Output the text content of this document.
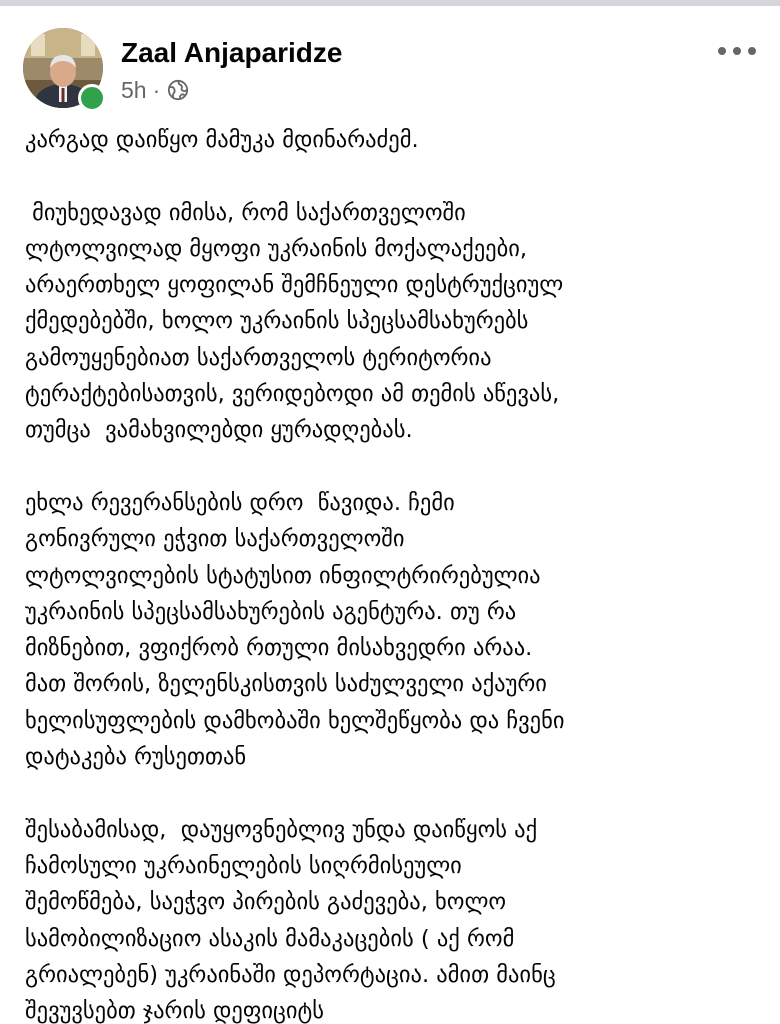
Zaal Anjaparidze
5h ·
კარგად დაიწყო მამუკა მდინარაძემ.
მიუხედავად იმისა, რომ საქართველოში
ლტოლვილად მყოფი უკრაინის მოქალაქეები,
არაერთხელ ყოფილან შემჩნეული დესტრუქციულ
ქმედებებში, ხოლო უკრაინის სპეცსამსახურებს
გამოუყენებიათ საქართველოს ტერიტორია
ტერაქტებისათვის, ვერიდებოდი ამ თემის აწევას,
თუმცა  ვამახვილებდი ყურადღებას.
ეხლა რევერანსების დრო  წავიდა. ჩემი
გონივრული ეჭვით საქართველოში
ლტოლვილების სტატუსით ინფილტრირებულია
უკრაინის სპეცსამსახურების აგენტურა. თუ რა
მიზნებით, ვფიქრობ რთული მისახვედრი არაა.
მათ შორის, ზელენსკისთვის საძულველი აქაური
ხელისუფლების დამხობაში ხელშეწყობა და ჩვენი
დატაკება რუსეთთან
შესაბამისად,  დაუყოვნებლივ უნდა დაიწყოს აქ
ჩამოსული უკრაინელების სიღრმისეული
შემოწმება, საეჭვო პირების გაძევება, ხოლო
სამობილიზაციო ასაკის მამაკაცების ( აქ რომ
გრიალებენ) უკრაინაში დეპორტაცია. ამით მაინც
შევუვსებთ ჯარის დეფიციტს
